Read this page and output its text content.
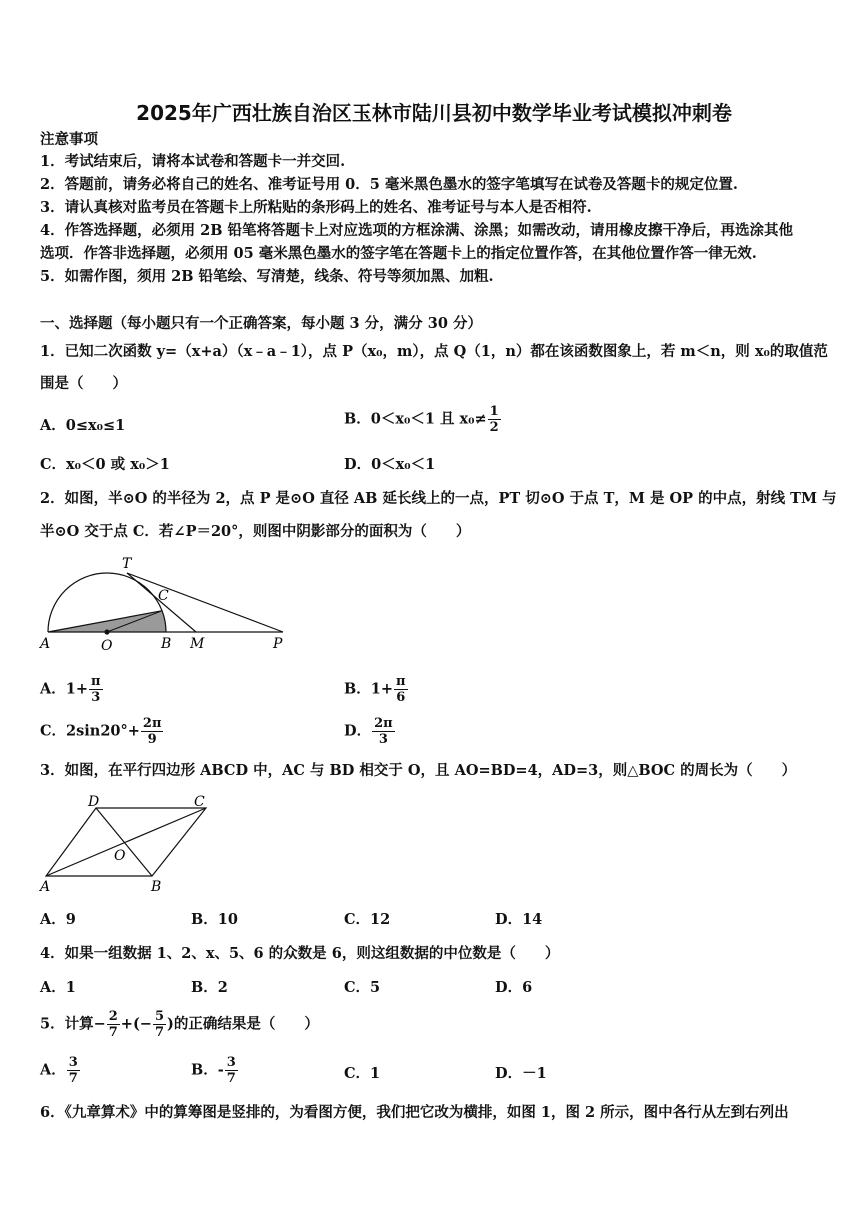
2025年广西壮族自治区玉林市陆川县初中数学毕业考试模拟冲刺卷
注意事项
1．考试结束后，请将本试卷和答题卡一并交回.
2．答题前，请务必将自己的姓名、准考证号用 0．5 毫米黑色墨水的签字笔填写在试卷及答题卡的规定位置.
3．请认真核对监考员在答题卡上所粘贴的条形码上的姓名、准考证号与本人是否相符.
4．作答选择题，必须用 2B 铅笔将答题卡上对应选项的方框涂满、涂黑；如需改动，请用橡皮擦干净后，再选涂其他
选项．作答非选择题，必须用 05 毫米黑色墨水的签字笔在答题卡上的指定位置作答，在其他位置作答一律无效.
5．如需作图，须用 2B 铅笔绘、写清楚，线条、符号等须加黑、加粗.
一、选择题（每小题只有一个正确答案，每小题 3 分，满分 30 分）
1．已知二次函数 y=（x+a）（x﹣a﹣1），点 P（x₀，m），点 Q（1，n）都在该函数图象上，若 m＜n，则 x₀的取值范
围是（　　）
A．0≤x₀≤1	B．0＜x₀＜1 且 $x_0\ne \frac{1}{2}$
C．x₀＜0 或 x₀＞1	D．0＜x₀＜1
2．如图，半⊙O 的半径为 2，点 P 是⊙O 直径 AB 延长线上的一点，PT 切⊙O 于点 T，M 是 OP 的中点，射线 TM 与
半⊙O 交于点 C．若∠P＝20°，则图中阴影部分的面积为（　　）
T
C
A	O	B M	P
A．$1+ \frac{\pi}{3}$	B．$1+ \frac{\pi}{6}$
C．$2\sin 20^\circ+ \frac{2\pi}{9}$	D． $\frac{2\pi}{3}$
3．如图，在平行四边形 ABCD 中，AC 与 BD 相交于 O，且 AO=BD=4，AD=3，则△BOC 的周长为（　　）
D	C
O
A	B
A．9	B．10	C．12	D．14
4．如果一组数据 1、2、x、5、6 的众数是 6，则这组数据的中位数是（　　）
A．1	B．2	C．5	D．6
5．计算− $\frac{2}{7}$ +(− $\frac{5}{7}$ )的正确结果是（　　）
A． $\frac{3}{7}$	B．- $\frac{3}{7}$	C．1	D．－1
6．《九章算术》中的算筹图是竖排的，为看图方便，我们把它改为横排，如图 1，图 2 所示，图中各行从左到右列出
